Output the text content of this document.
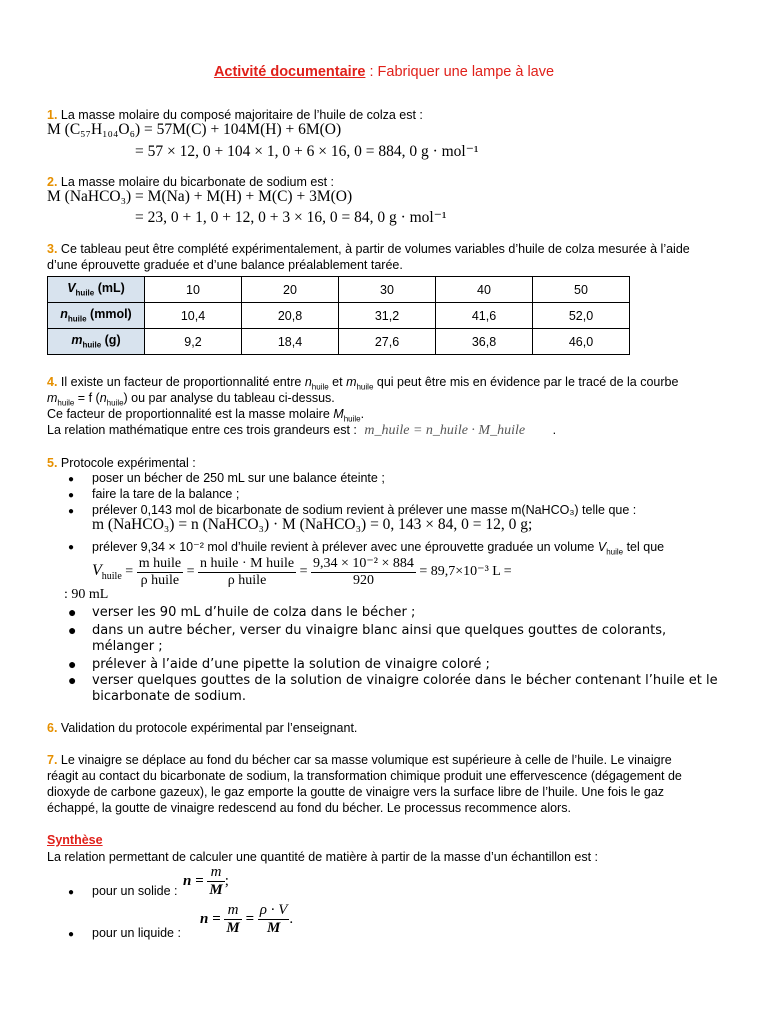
Activité documentaire : Fabriquer une lampe à lave
1. La masse molaire du composé majoritaire de l’huile de colza est :
M (C₅₇H₁₀₄O₆) = 57M(C) + 104M(H) + 6M(O)
= 57 × 12, 0 + 104 × 1, 0 + 6 × 16, 0 = 884, 0 g · mol⁻¹
2. La masse molaire du bicarbonate de sodium est :
M (NaHCO₃) = M(Na) + M(H) + M(C) + 3M(O)
= 23, 0 + 1, 0 + 12, 0 + 3 × 16, 0 = 84, 0 g · mol⁻¹
3. Ce tableau peut être complété expérimentalement, à partir de volumes variables d’huile de colza mesurée à l’aide
d’une éprouvette graduée et d’une balance préalablement tarée.
$V_{huile}$ (mL)	10	20	30	40	50
$n_{huile}$ (mmol)	10,4	20,8	31,2	41,6	52,0
$m_{huile}$ (g)	9,2	18,4	27,6	36,8	46,0
4. Il existe un facteur de proportionnalité entre $n_{huile}$ et $m_{huile}$ qui peut être mis en évidence par le tracé de la courbe
$m_{huile} = f$ $(n_{huile})$ ou par analyse du tableau ci-dessus.
Ce facteur de proportionnalité est la masse molaire $M_{huile}$.
La relation mathématique entre ces trois grandeurs est : m_huile = n_huile · M_huile .
5. Protocole expérimental :
● poser un bécher de 250 mL sur une balance éteinte ;
● faire la tare de la balance ;
● prélever 0,143 mol de bicarbonate de sodium revient à prélever une masse m(NaHCO₃) telle que :
m (NaHCO₃) = n (NaHCO₃) · M (NaHCO₃) = 0, 143 × 84, 0 = 12, 0 g;
● prélever 9,34 × 10⁻² mol d’huile revient à prélever avec une éprouvette graduée un volume $V_{huile}$ tel que
$V_{huile} = \frac{\text{m huile}}{\text{ρ huile}} = \frac{\text{n huile · M huile}}{\text{ρ huile}} = \frac{\text{9,34 × 10⁻² × 884}}{920} = 89,7\times 10^{-3}$ L =
: 90 mL
● verser les 90 mL d’huile de colza dans le bécher ;
● dans un autre bécher, verser du vinaigre blanc ainsi que quelques gouttes de colorants,
mélanger ;
● prélever à l’aide d’une pipette la solution de vinaigre coloré ;
● verser quelques gouttes de la solution de vinaigre colorée dans le bécher contenant l’huile et le
bicarbonate de sodium.
6. Validation du protocole expérimental par l’enseignant.
7. Le vinaigre se déplace au fond du bécher car sa masse volumique est supérieure à celle de l’huile. Le vinaigre
réagit au contact du bicarbonate de sodium, la transformation chimique produit une effervescence (dégagement de
dioxyde de carbone gazeux), le gaz emporte la goutte de vinaigre vers la surface libre de l’huile. Une fois le gaz
échappé, la goutte de vinaigre redescend au fond du bécher. Le processus recommence alors.
Synthèse
La relation permettant de calculer une quantité de matière à partir de la masse d’un échantillon est :
● pour un solide :
$n = \frac{m}{M}$ ;
● pour un liquide :
$n = \frac{m}{M} = \frac{\rho \cdot V}{M}$ .
